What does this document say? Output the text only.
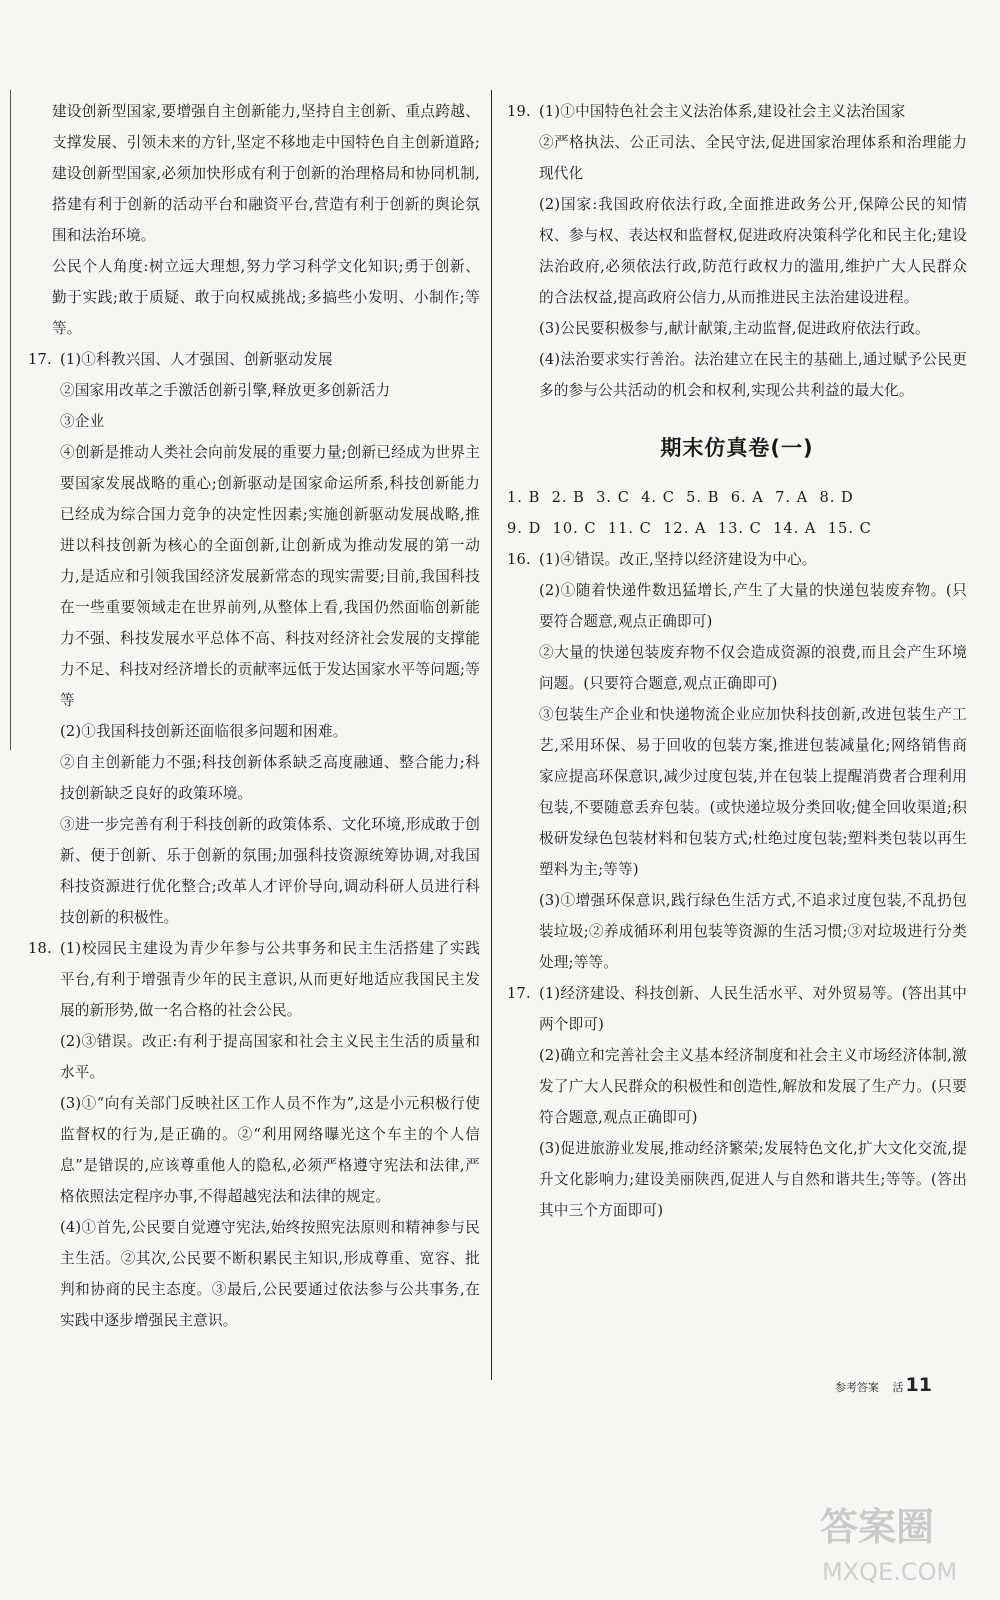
建设创新型国家,要增强自主创新能力,坚持自主创新、重点跨越、支撑发展、引领未来的方针,坚定不移地走中国特色自主创新道路;建设创新型国家,必须加快形成有利于创新的治理格局和协同机制,搭建有利于创新的活动平台和融资平台,营造有利于创新的舆论氛围和法治环境。

公民个人角度:树立远大理想,努力学习科学文化知识;勇于创新、勤于实践;敢于质疑、敢于向权威挑战;多搞些小发明、小制作;等等。

17. (1)①科教兴国、人才强国、创新驱动发展

②国家用改革之手激活创新引擎,释放更多创新活力

③企业

④创新是推动人类社会向前发展的重要力量;创新已经成为世界主要国家发展战略的重心;创新驱动是国家命运所系,科技创新能力已经成为综合国力竞争的决定性因素;实施创新驱动发展战略,推进以科技创新为核心的全面创新,让创新成为推动发展的第一动力,是适应和引领我国经济发展新常态的现实需要;目前,我国科技在一些重要领域走在世界前列,从整体上看,我国仍然面临创新能力不强、科技发展水平总体不高、科技对经济社会发展的支撑能力不足、科技对经济增长的贡献率远低于发达国家水平等问题;等等

(2)①我国科技创新还面临很多问题和困难。

②自主创新能力不强;科技创新体系缺乏高度融通、整合能力;科技创新缺乏良好的政策环境。

③进一步完善有利于科技创新的政策体系、文化环境,形成敢于创新、便于创新、乐于创新的氛围;加强科技资源统筹协调,对我国科技资源进行优化整合;改革人才评价导向,调动科研人员进行科技创新的积极性。

18. (1)校园民主建设为青少年参与公共事务和民主生活搭建了实践平台,有利于增强青少年的民主意识,从而更好地适应我国民主发展的新形势,做一名合格的社会公民。

(2)③错误。改正:有利于提高国家和社会主义民主生活的质量和水平。

(3)①“向有关部门反映社区工作人员不作为”,这是小元积极行使监督权的行为,是正确的。②“利用网络曝光这个车主的个人信息”是错误的,应该尊重他人的隐私,必须严格遵守宪法和法律,严格依照法定程序办事,不得超越宪法和法律的规定。

(4)①首先,公民要自觉遵守宪法,始终按照宪法原则和精神参与民主生活。②其次,公民要不断积累民主知识,形成尊重、宽容、批判和协商的民主态度。③最后,公民要通过依法参与公共事务,在实践中逐步增强民主意识。

19. (1)①中国特色社会主义法治体系,建设社会主义法治国家

②严格执法、公正司法、全民守法,促进国家治理体系和治理能力现代化

(2)国家:我国政府依法行政,全面推进政务公开,保障公民的知情权、参与权、表达权和监督权,促进政府决策科学化和民主化;建设法治政府,必须依法行政,防范行政权力的滥用,维护广大人民群众的合法权益,提高政府公信力,从而推进民主法治建设进程。

(3)公民要积极参与,献计献策,主动监督,促进政府依法行政。

(4)法治要求实行善治。法治建立在民主的基础上,通过赋予公民更多的参与公共活动的机会和权利,实现公共利益的最大化。

期末仿真卷(一)

1. B  2. B  3. C  4. C  5. B  6. A  7. A  8. D

9. D  10. C  11. C  12. A  13. C  14. A  15. C

16. (1)④错误。改正,坚持以经济建设为中心。

(2)①随着快递件数迅猛增长,产生了大量的快递包装废弃物。(只要符合题意,观点正确即可)

②大量的快递包装废弃物不仅会造成资源的浪费,而且会产生环境问题。(只要符合题意,观点正确即可)

③包装生产企业和快递物流企业应加快科技创新,改进包装生产工艺,采用环保、易于回收的包装方案,推进包装减量化;网络销售商家应提高环保意识,减少过度包装,并在包装上提醒消费者合理利用包装,不要随意丢弃包装。(或快递垃圾分类回收;健全回收渠道;积极研发绿色包装材料和包装方式;杜绝过度包装;塑料类包装以再生塑料为主;等等)

(3)①增强环保意识,践行绿色生活方式,不追求过度包装,不乱扔包装垃圾;②养成循环利用包装等资源的生活习惯;③对垃圾进行分类处理;等等。

17. (1)经济建设、科技创新、人民生活水平、对外贸易等。(答出其中两个即可)

(2)确立和完善社会主义基本经济制度和社会主义市场经济体制,激发了广大人民群众的积极性和创造性,解放和发展了生产力。(只要符合题意,观点正确即可)

(3)促进旅游业发展,推动经济繁荣;发展特色文化,扩大文化交流,提升文化影响力;建设美丽陕西,促进人与自然和谐共生;等等。(答出其中三个方面即可)

参考答案 活 11
答案圈
MXQE.COM
